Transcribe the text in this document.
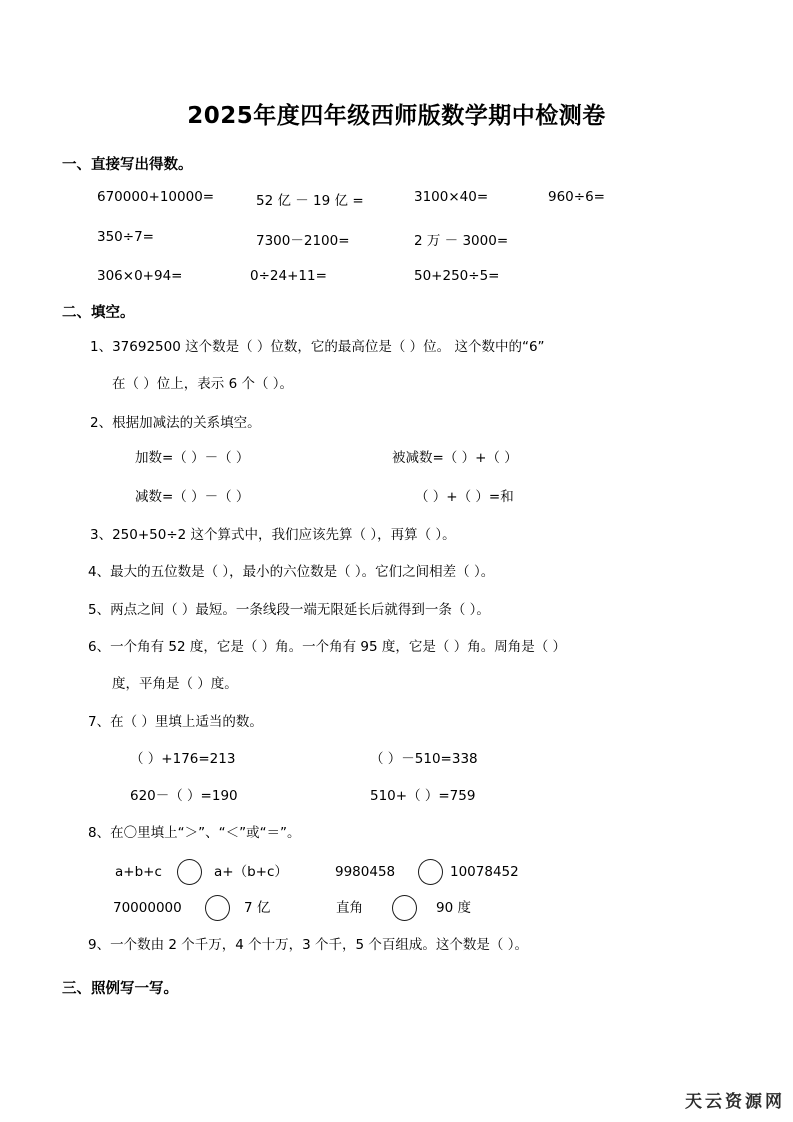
2025年度四年级西师版数学期中检测卷
一、直接写出得数。
670000+10000=	52 亿 － 19 亿 =	3100×40=	960÷6=
350÷7=	7300－2100=	2 万 － 3000=
306×0+94=	0÷24+11=	50+250÷5=
二、填空。
1、37692500 这个数是（ ）位数，它的最高位是（ ）位。 这个数中的“6”
在（ ）位上，表示 6 个（ ）。
2、根据加减法的关系填空。
加数=（ ）－（ ）	被减数=（ ）+（ ）
减数=（ ）－（ ）	（ ）+（ ）=和
3、250+50÷2 这个算式中，我们应该先算（ ），再算（ ）。
4、最大的五位数是（ ），最小的六位数是（ ）。它们之间相差（ ）。
5、两点之间（ ）最短。一条线段一端无限延长后就得到一条（ ）。
6、一个角有 52 度，它是（ ）角。一个角有 95 度，它是（ ）角。周角是（ ）
度，平角是（ ）度。
7、在（ ）里填上适当的数。
（ ）+176=213	（ ）－510=338
620－（ ）=190	510+（ ）=759
8、在〇里填上“＞”、“＜”或“＝”。
a+b+c	a+（b+c）	9980458	10078452
70000000	7 亿	直角	90 度
9、一个数由 2 个千万，4 个十万，3 个千，5 个百组成。这个数是（ ）。
三、照例写一写。
天云资源网
